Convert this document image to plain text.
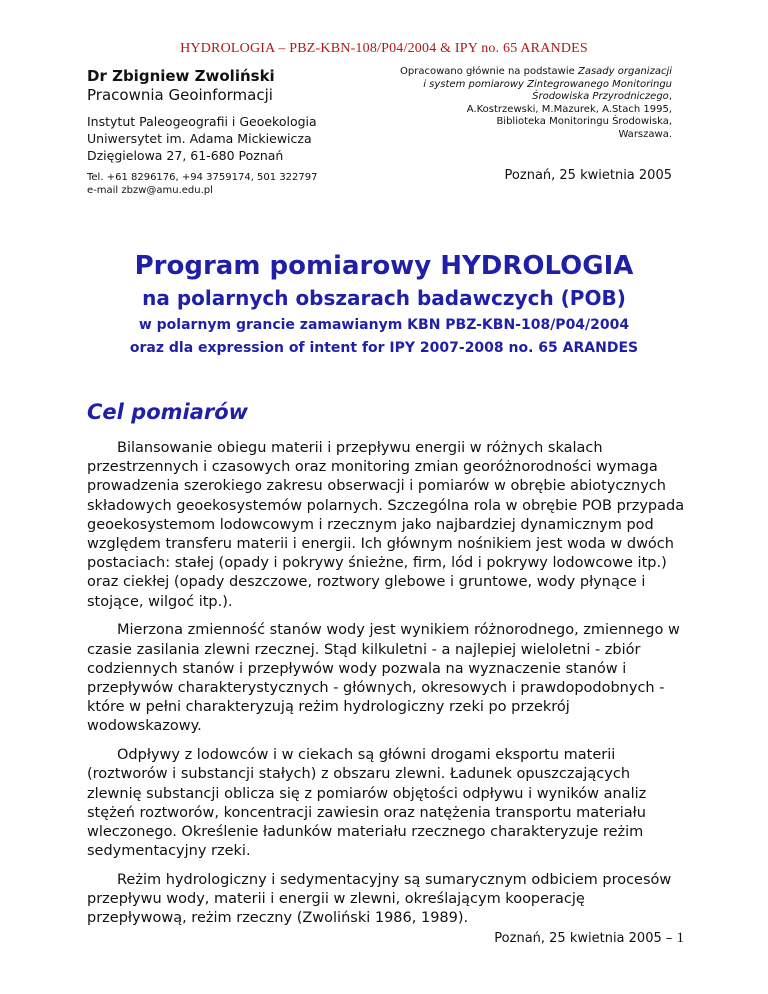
HYDROLOGIA – PBZ-KBN-108/P04/2004 & IPY no. 65 ARANDES
Dr Zbigniew Zwoliński
Pracownia Geoinformacji
Instytut Paleogeografii i Geoekologia
Uniwersytet im. Adama Mickiewicza
Dzięgielowa 27, 61-680 Poznań
Tel. +61 8296176, +94 3759174, 501 322797
e-mail zbzw@amu.edu.pl
Opracowano głównie na podstawie Zasady organizacji
i system pomiarowy Zintegrowanego Monitoringu
Środowiska Przyrodniczego,
A.Kostrzewski, M.Mazurek, A.Stach 1995,
Biblioteka Monitoringu Środowiska,
Warszawa.
Poznań, 25 kwietnia 2005
Program pomiarowy HYDROLOGIA
na polarnych obszarach badawczych (POB)
w polarnym grancie zamawianym KBN PBZ-KBN-108/P04/2004
oraz dla expression of intent for IPY 2007-2008 no. 65 ARANDES
Cel pomiarów

Bilansowanie obiegu materii i przepływu energii w różnych skalach przestrzennych i czasowych oraz monitoring zmian georóżnorodności wymaga prowadzenia szerokiego zakresu obserwacji i pomiarów w obrębie abiotycznych składowych geoekosystemów polarnych. Szczególna rola w obrębie POB przypada geoekosystemom lodowcowym i rzecznym jako najbardziej dynamicznym pod względem transferu materii i energii. Ich głównym nośnikiem jest woda w dwóch postaciach: stałej (opady i pokrywy śnieżne, firm, lód i pokrywy lodowcowe itp.) oraz ciekłej (opady deszczowe, roztwory glebowe i gruntowe, wody płynące i stojące, wilgoć itp.).

Mierzona zmienność stanów wody jest wynikiem różnorodnego, zmiennego w czasie zasilania zlewni rzecznej. Stąd kilkuletni - a najlepiej wieloletni - zbiór codziennych stanów i przepływów wody pozwala na wyznaczenie stanów i przepływów charakterystycznych - głównych, okresowych i prawdopodobnych - które w pełni charakteryzują reżim hydrologiczny rzeki po przekrój wodowskazowy.

Odpływy z lodowców i w ciekach są główni drogami eksportu materii (roztworów i substancji stałych) z obszaru zlewni. Ładunek opuszczających zlewnię substancji oblicza się z pomiarów objętości odpływu i wyników analiz stężeń roztworów, koncentracji zawiesin oraz natężenia transportu materiału wleczonego. Określenie ładunków materiału rzecznego charakteryzuje reżim sedymentacyjny rzeki.

Reżim hydrologiczny i sedymentacyjny są sumarycznym odbiciem procesów przepływu wody, materii i energii w zlewni, określającym kooperację przepływową, reżim rzeczny (Zwoliński 1986, 1989).

Poznań, 25 kwietnia 2005 – 1
